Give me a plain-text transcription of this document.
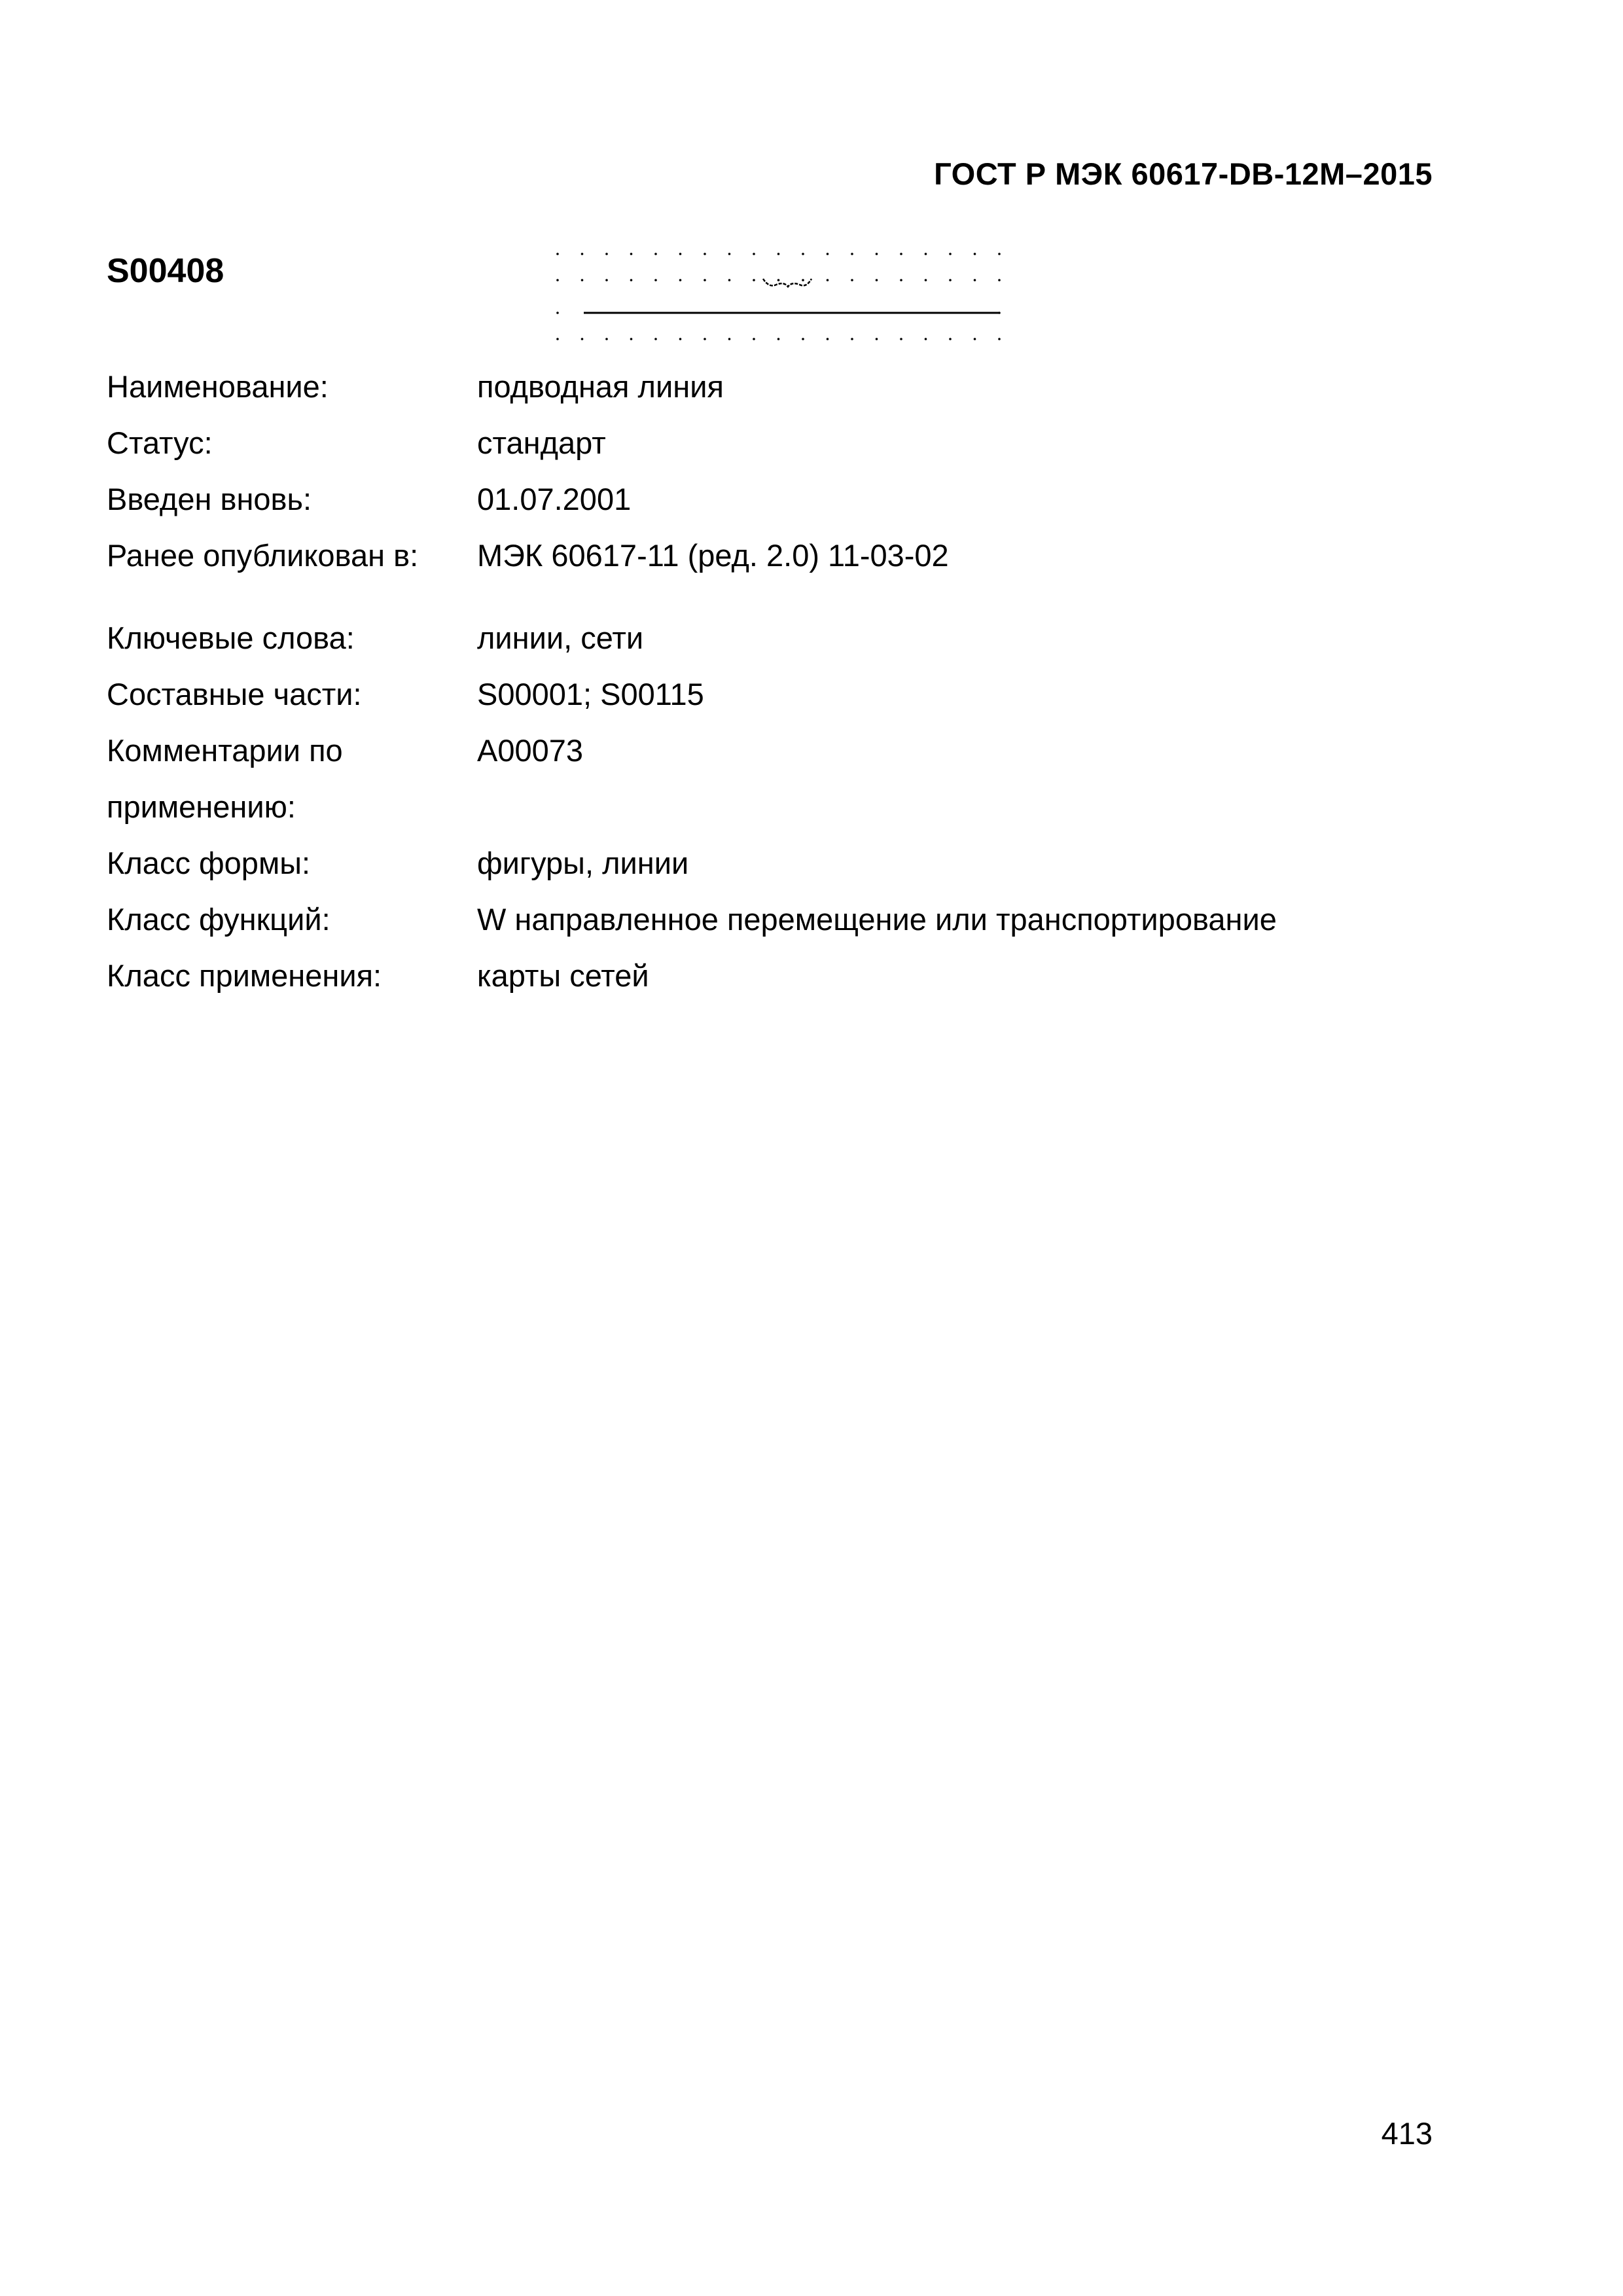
ГОСТ Р МЭК 60617-DB-12М–2015
S00408
Наименование:	подводная линия
Статус:	стандарт
Введен вновь:	01.07.2001
Ранее опубликован в:	МЭК 60617-11 (ред. 2.0) 11-03-02
Ключевые слова:	линии, сети
Составные части:	S00001; S00115
Комментарии по применению:
A00073
Класс формы:	фигуры, линии
Класс функций:	W направленное перемещение или транспортирование
Класс применения:	карты сетей
413
